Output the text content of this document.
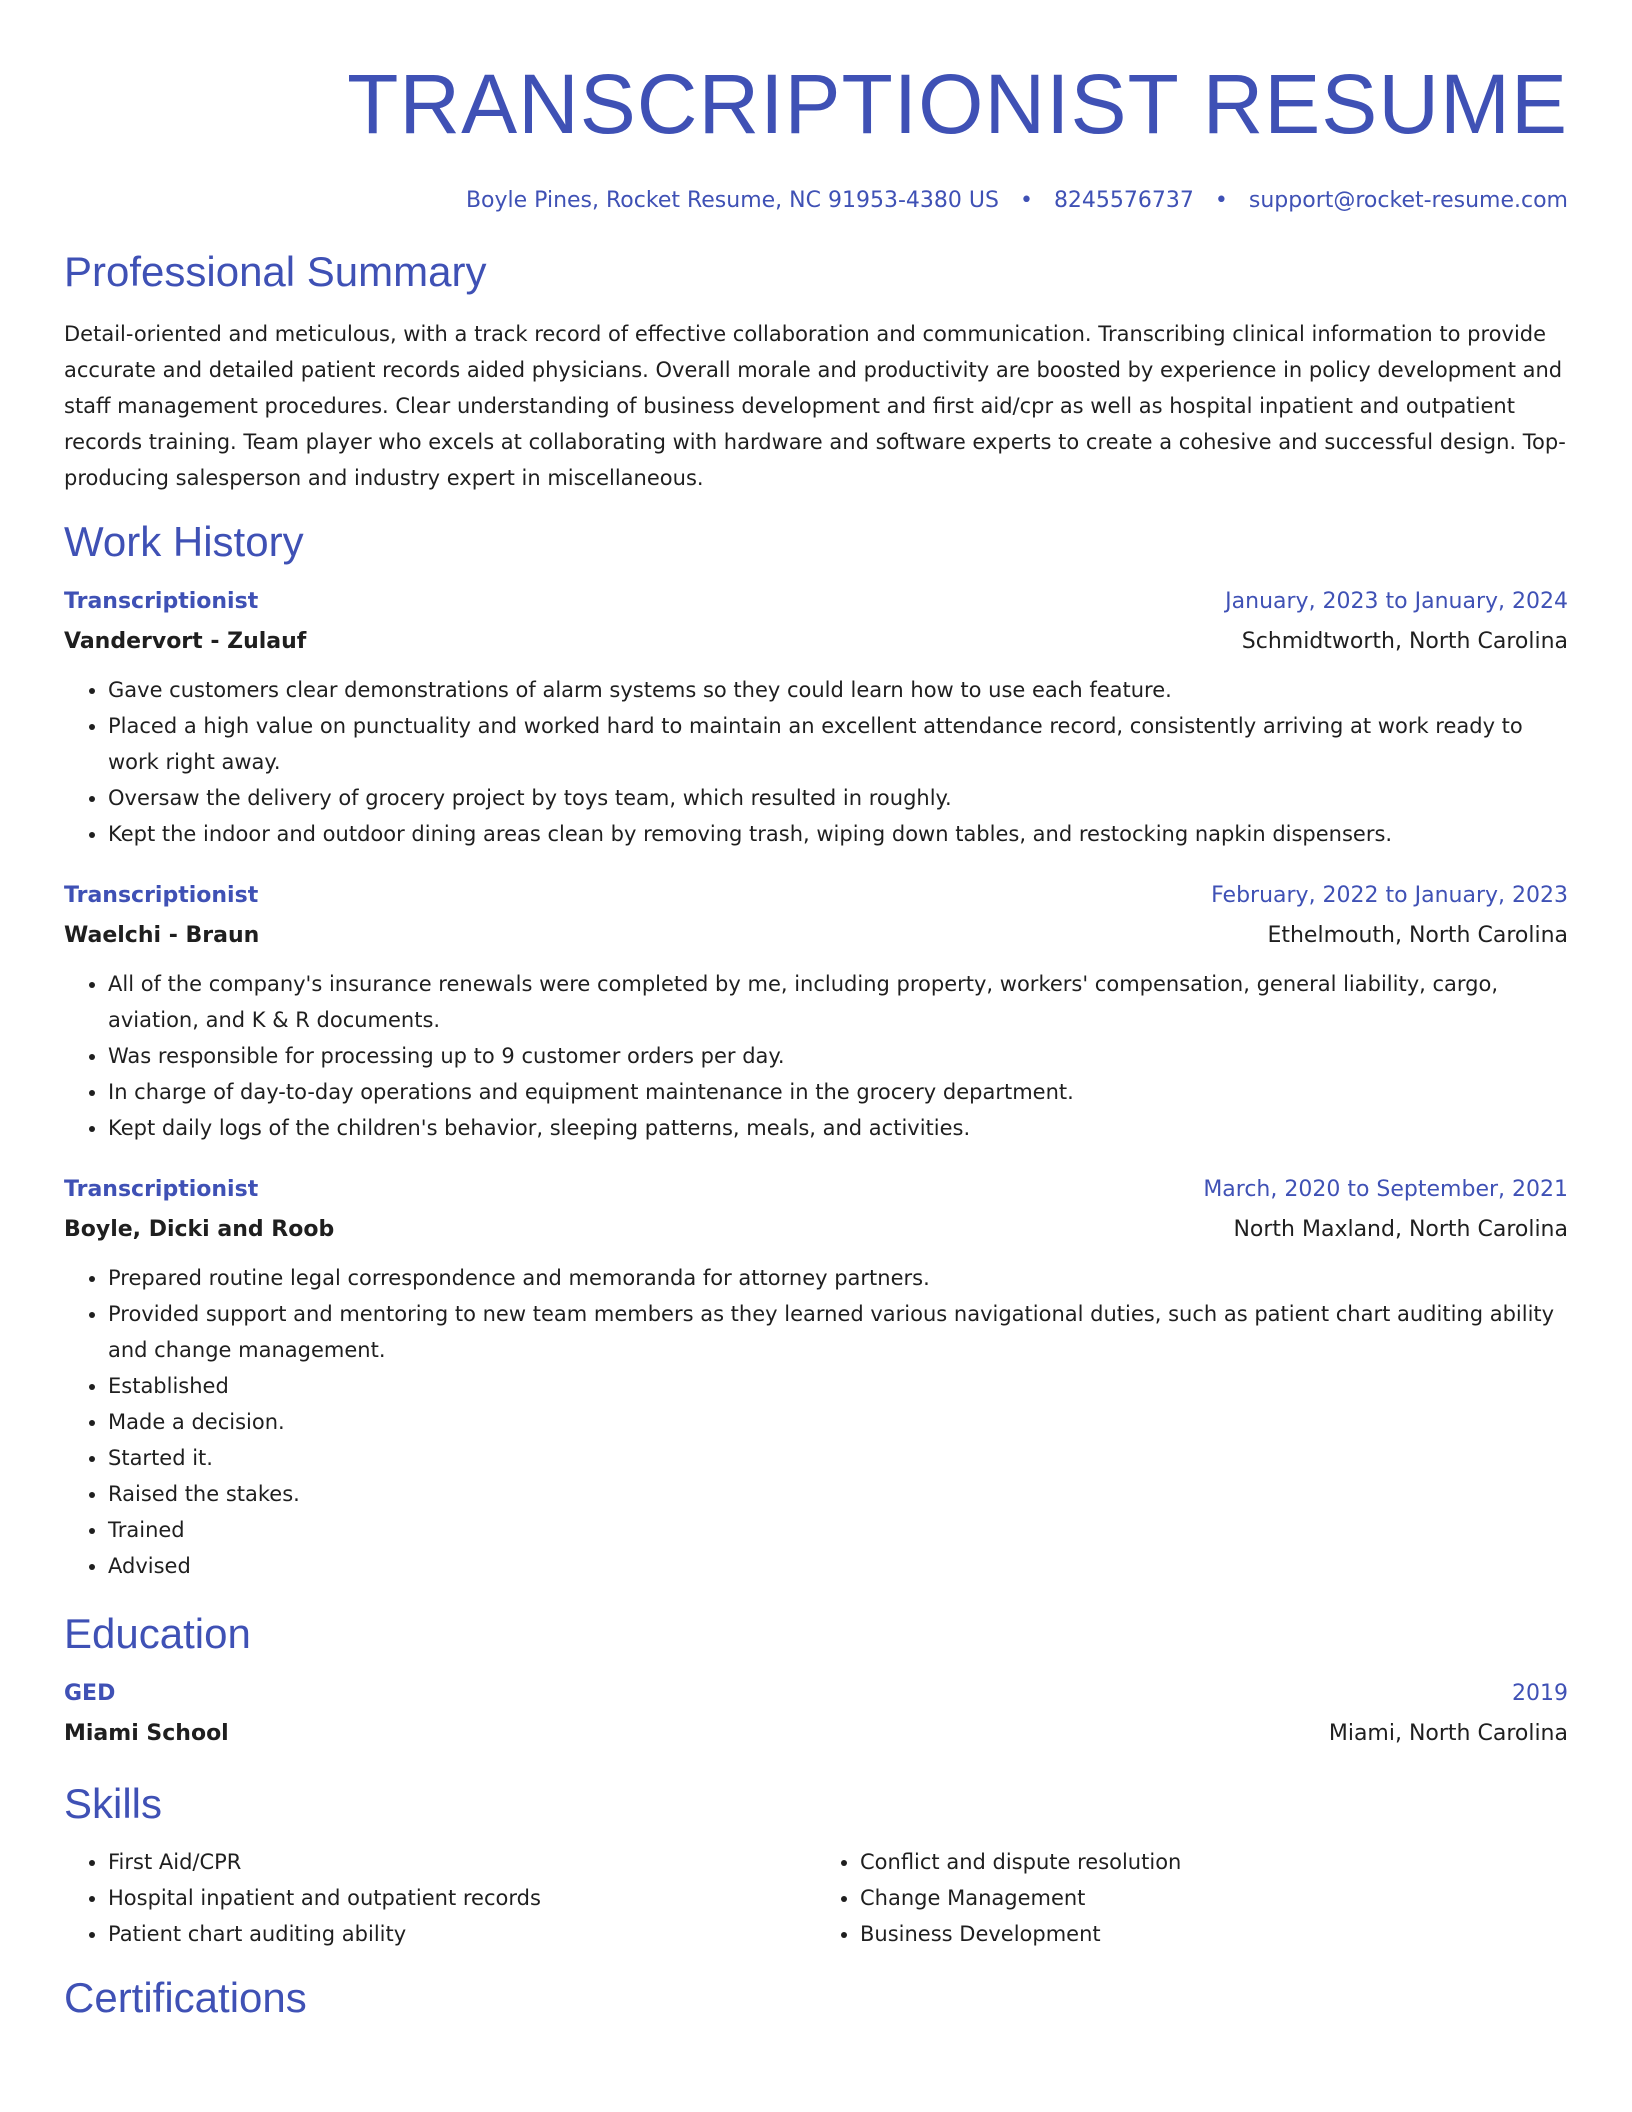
TRANSCRIPTIONIST RESUME
Boyle Pines, Rocket Resume, NC 91953-4380 US • 8245576737 • support@rocket-resume.com
Professional Summary
Detail-oriented and meticulous, with a track record of effective collaboration and communication. Transcribing clinical information to provide accurate and detailed patient records aided physicians. Overall morale and productivity are boosted by experience in policy development and staff management procedures. Clear understanding of business development and first aid/cpr as well as hospital inpatient and outpatient records training. Team player who excels at collaborating with hardware and software experts to create a cohesive and successful design. Top-producing salesperson and industry expert in miscellaneous.
Work History
Transcriptionist	January, 2023 to January, 2024
Vandervort - Zulauf	Schmidtworth, North Carolina
• Gave customers clear demonstrations of alarm systems so they could learn how to use each feature.
• Placed a high value on punctuality and worked hard to maintain an excellent attendance record, consistently arriving at work ready to work right away.
• Oversaw the delivery of grocery project by toys team, which resulted in roughly.
• Kept the indoor and outdoor dining areas clean by removing trash, wiping down tables, and restocking napkin dispensers.
Transcriptionist	February, 2022 to January, 2023
Waelchi - Braun	Ethelmouth, North Carolina
• All of the company's insurance renewals were completed by me, including property, workers' compensation, general liability, cargo, aviation, and K & R documents.
• Was responsible for processing up to 9 customer orders per day.
• In charge of day-to-day operations and equipment maintenance in the grocery department.
• Kept daily logs of the children's behavior, sleeping patterns, meals, and activities.
Transcriptionist	March, 2020 to September, 2021
Boyle, Dicki and Roob	North Maxland, North Carolina
• Prepared routine legal correspondence and memoranda for attorney partners.
• Provided support and mentoring to new team members as they learned various navigational duties, such as patient chart auditing ability and change management.
• Established
• Made a decision.
• Started it.
• Raised the stakes.
• Trained
• Advised
Education
GED	2019
Miami School	Miami, North Carolina
Skills
• First Aid/CPR
• Hospital inpatient and outpatient records
• Patient chart auditing ability
• Conflict and dispute resolution
• Change Management
• Business Development
Certifications
